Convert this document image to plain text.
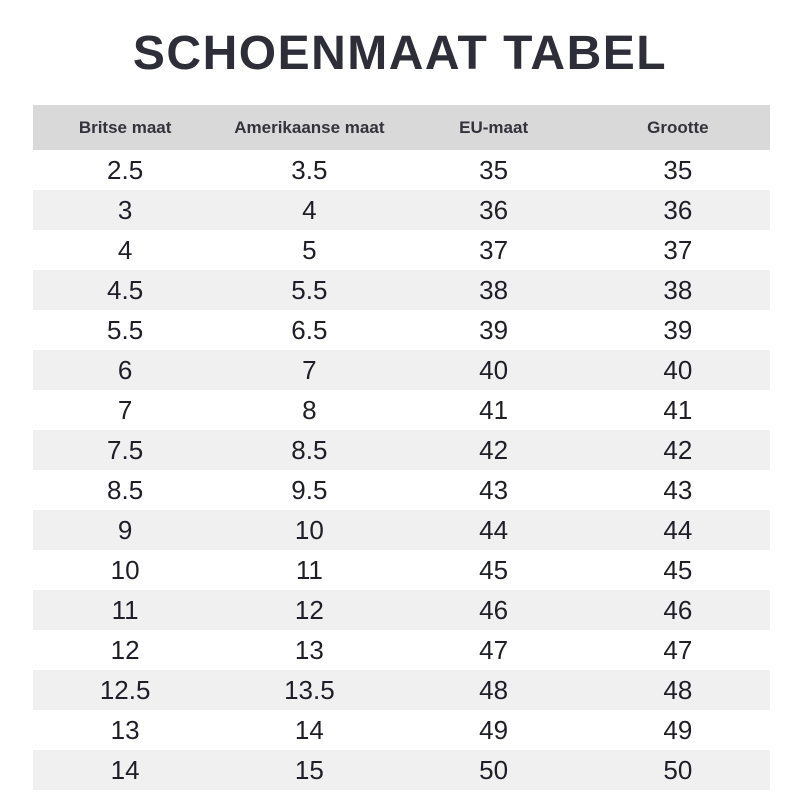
SCHOENMAAT TABEL
Britse maat	Amerikaanse maat	EU-maat	Grootte
2.5	3.5	35	35
3	4	36	36
4	5	37	37
4.5	5.5	38	38
5.5	6.5	39	39
6	7	40	40
7	8	41	41
7.5	8.5	42	42
8.5	9.5	43	43
9	10	44	44
10	11	45	45
11	12	46	46
12	13	47	47
12.5	13.5	48	48
13	14	49	49
14	15	50	50
